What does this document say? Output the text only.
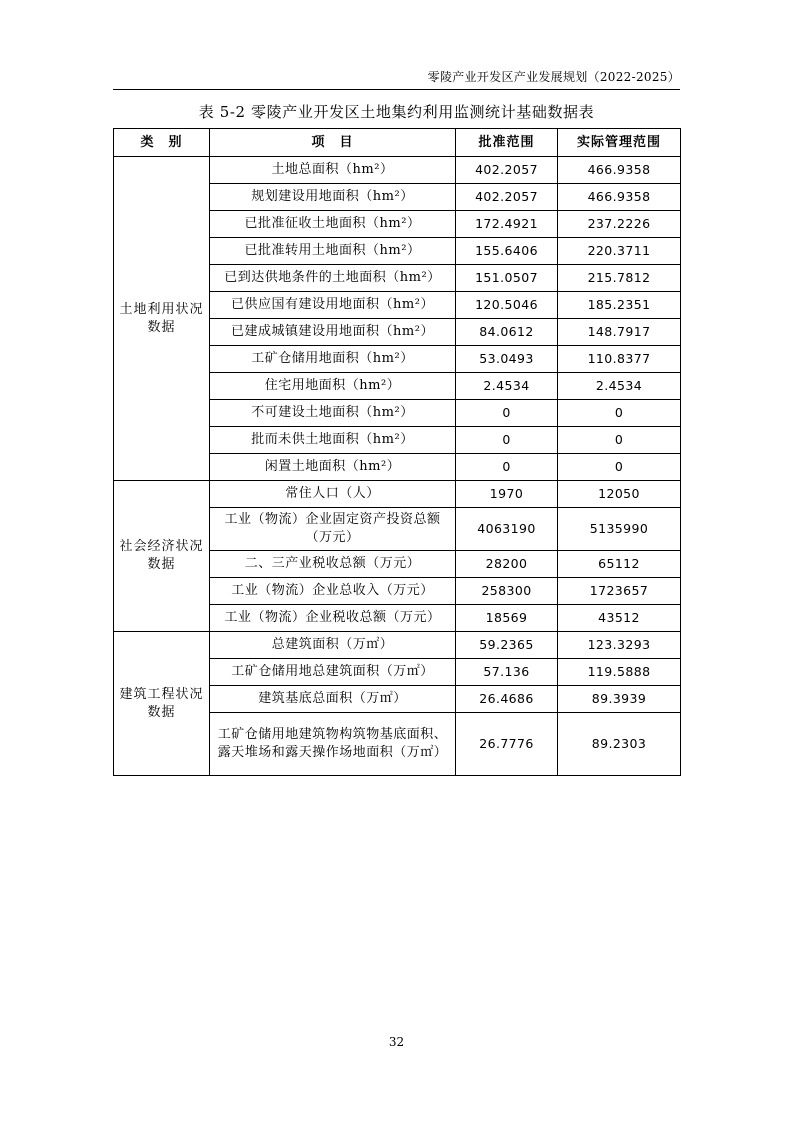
零陵产业开发区产业发展规划（2022-2025）
表 5-2 零陵产业开发区土地集约利用监测统计基础数据表
类　别	项　目	批准范围	实际管理范围
土地利用状况数据	土地总面积（hm²）	402.2057	466.9358
	规划建设用地面积（hm²）	402.2057	466.9358
	已批准征收土地面积（hm²）	172.4921	237.2226
	已批准转用土地面积（hm²）	155.6406	220.3711
	已到达供地条件的土地面积（hm²）	151.0507	215.7812
	已供应国有建设用地面积（hm²）	120.5046	185.2351
	已建成城镇建设用地面积（hm²）	84.0612	148.7917
	工矿仓储用地面积（hm²）	53.0493	110.8377
	住宅用地面积（hm²）	2.4534	2.4534
	不可建设土地面积（hm²）	0	0
	批而未供土地面积（hm²）	0	0
	闲置土地面积（hm²）	0	0
社会经济状况数据	常住人口（人）	1970	12050
	工业（物流）企业固定资产投资总额（万元）	4063190	5135990
	二、三产业税收总额（万元）	28200	65112
	工业（物流）企业总收入（万元）	258300	1723657
	工业（物流）企业税收总额（万元）	18569	43512
建筑工程状况数据	总建筑面积（万㎡）	59.2365	123.3293
	工矿仓储用地总建筑面积（万㎡）	57.136	119.5888
	建筑基底总面积（万㎡）	26.4686	89.3939
	工矿仓储用地建筑物构筑物基底面积、露天堆场和露天操作场地面积（万㎡）	26.7776	89.2303
32
